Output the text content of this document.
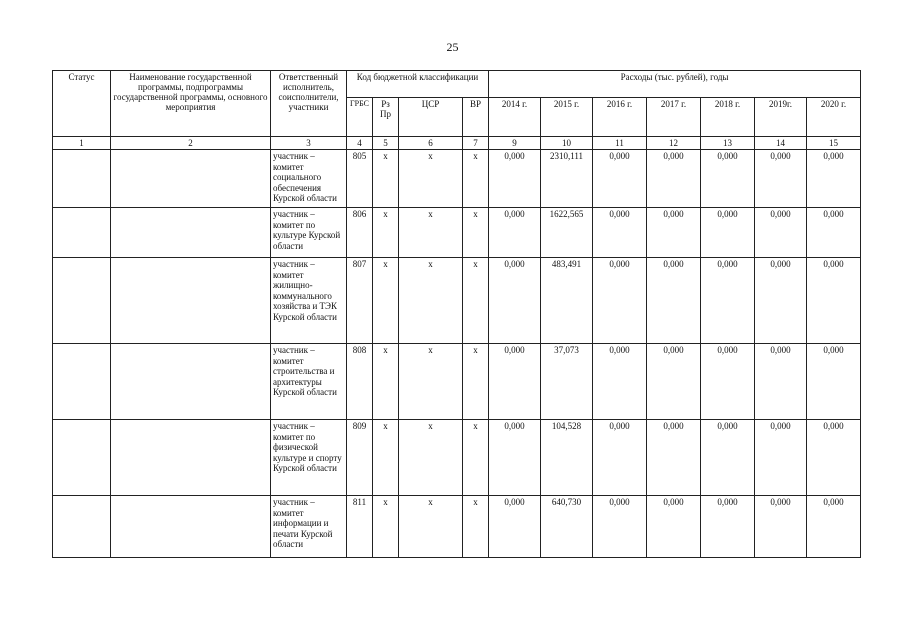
25
Статус	Наименование государственной программы, подпрограммы государственной программы, основного мероприятия	Ответственный исполнитель, соисполнители, участники	Код бюджетной классификации				Расходы (тыс. рублей), годы						
			ГРБС	Рз Пр	ЦСР	ВР	2014 г.	2015 г.	2016 г.	2017 г.	2018 г.	2019г.	2020 г.
1	2	3	4	5	6	7	9	10	11	12	13	14	15
		участник – комитет социального обеспечения Курской области	805	x	x	x	0,000	2310,111	0,000	0,000	0,000	0,000	0,000
		участник – комитет по культуре Курской области	806	x	x	x	0,000	1622,565	0,000	0,000	0,000	0,000	0,000
		участник – комитет жилищно-коммунального хозяйства и ТЭК Курской области	807	x	x	x	0,000	483,491	0,000	0,000	0,000	0,000	0,000
		участник – комитет строительства и архитектуры Курской области	808	x	x	x	0,000	37,073	0,000	0,000	0,000	0,000	0,000
		участник – комитет по физической культуре и спорту Курской области	809	x	x	x	0,000	104,528	0,000	0,000	0,000	0,000	0,000
		участник – комитет информации и печати Курской области	811	x	x	x	0,000	640,730	0,000	0,000	0,000	0,000	0,000
